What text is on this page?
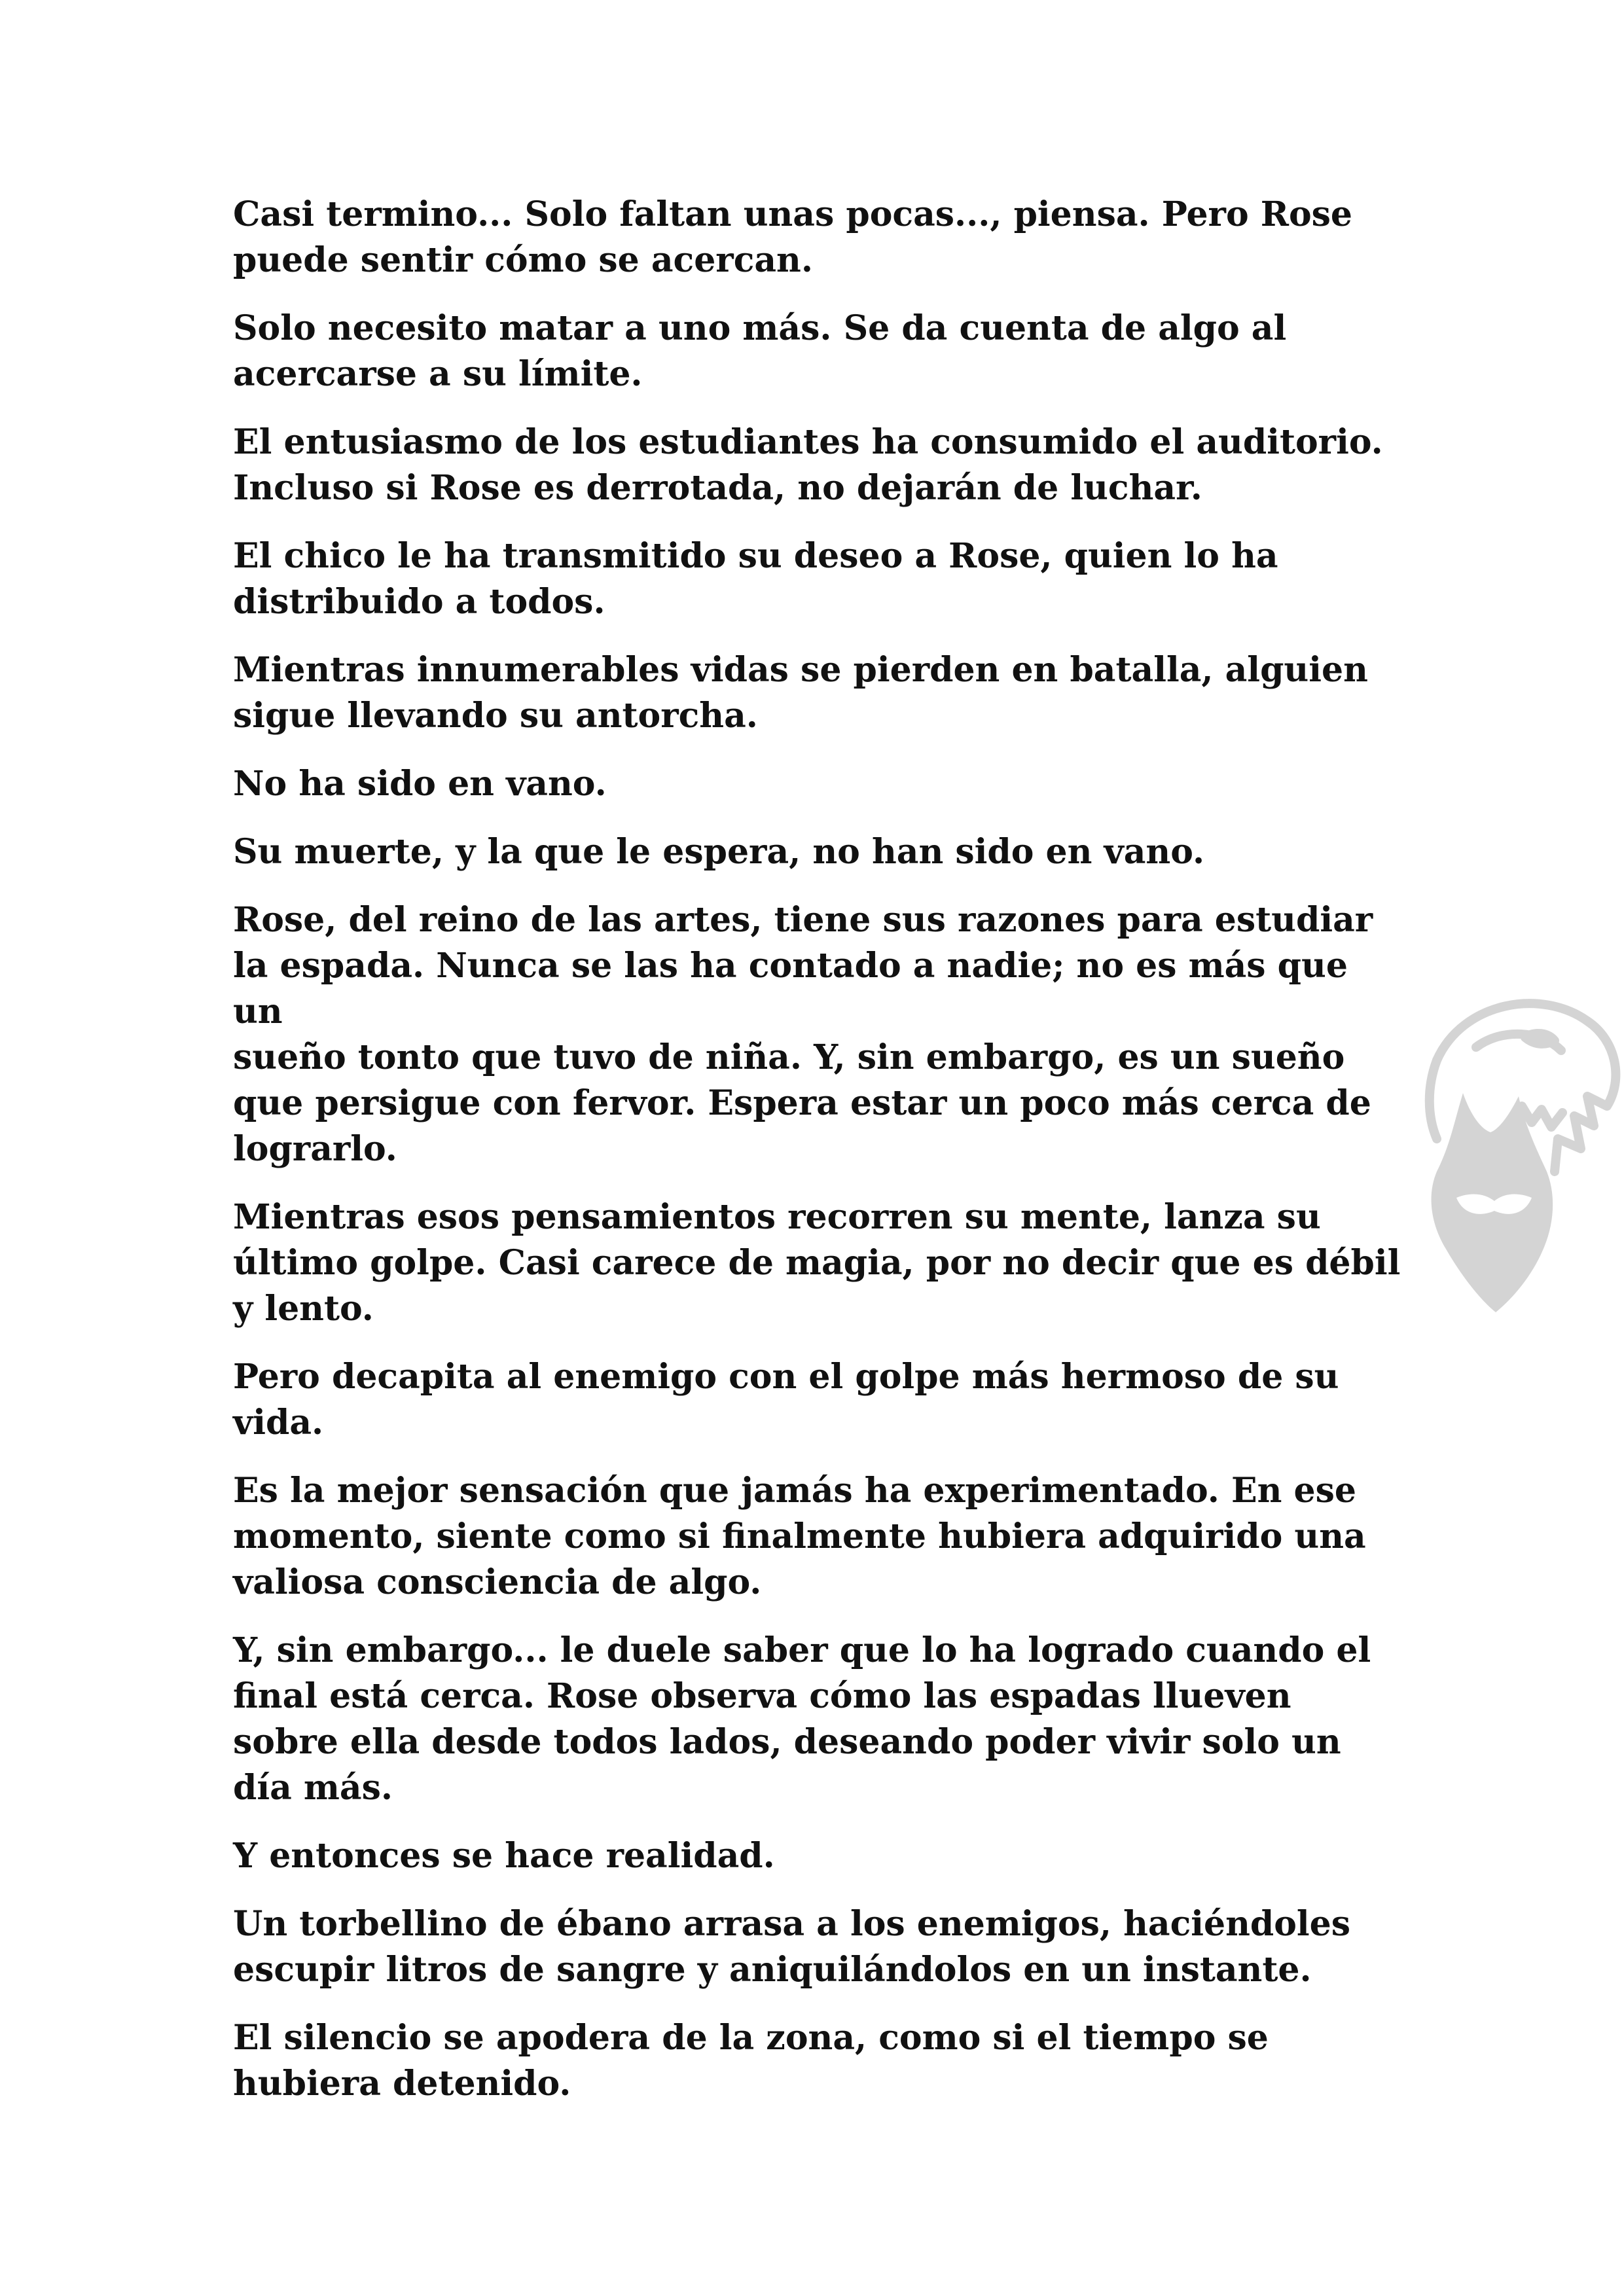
Casi termino... Solo faltan unas pocas..., piensa. Pero Rose
puede sentir cómo se acercan.

Solo necesito matar a uno más. Se da cuenta de algo al
acercarse a su límite.

El entusiasmo de los estudiantes ha consumido el auditorio.
Incluso si Rose es derrotada, no dejarán de luchar.

El chico le ha transmitido su deseo a Rose, quien lo ha
distribuido a todos.

Mientras innumerables vidas se pierden en batalla, alguien
sigue llevando su antorcha.

No ha sido en vano.

Su muerte, y la que le espera, no han sido en vano.

Rose, del reino de las artes, tiene sus razones para estudiar
la espada. Nunca se las ha contado a nadie; no es más que un
sueño tonto que tuvo de niña. Y, sin embargo, es un sueño
que persigue con fervor. Espera estar un poco más cerca de
lograrlo.

Mientras esos pensamientos recorren su mente, lanza su
último golpe. Casi carece de magia, por no decir que es débil
y lento.

Pero decapita al enemigo con el golpe más hermoso de su
vida.

Es la mejor sensación que jamás ha experimentado. En ese
momento, siente como si finalmente hubiera adquirido una
valiosa consciencia de algo.

Y, sin embargo... le duele saber que lo ha logrado cuando el
final está cerca. Rose observa cómo las espadas llueven
sobre ella desde todos lados, deseando poder vivir solo un
día más.

Y entonces se hace realidad.

Un torbellino de ébano arrasa a los enemigos, haciéndoles
escupir litros de sangre y aniquilándolos en un instante.

El silencio se apodera de la zona, como si el tiempo se
hubiera detenido.
